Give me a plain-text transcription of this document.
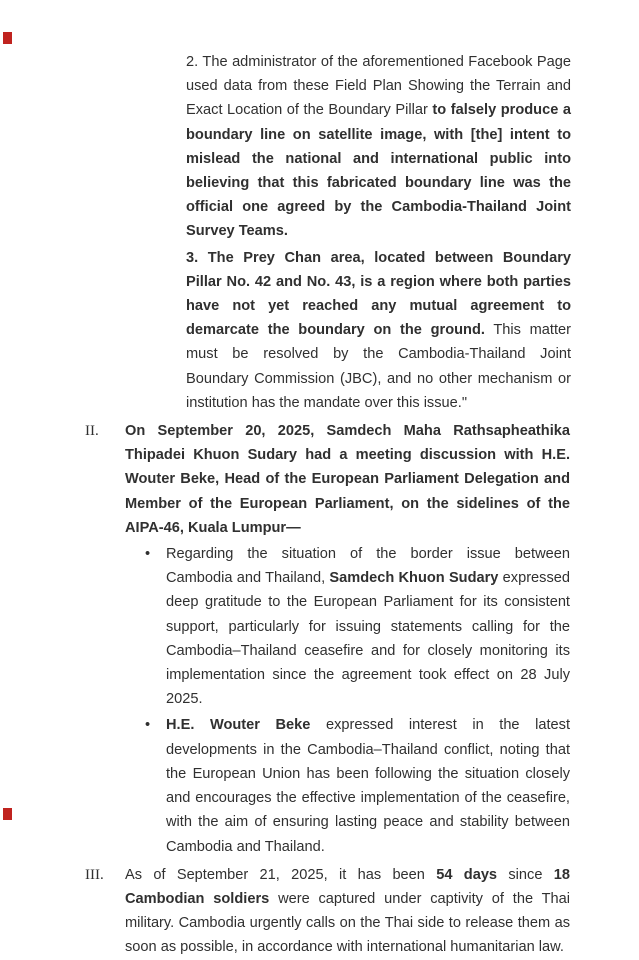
2. The administrator of the aforementioned Facebook Page used data from these Field Plan Showing the Terrain and Exact Location of the Boundary Pillar to falsely produce a boundary line on satellite image, with [the] intent to mislead the national and international public into believing that this fabricated boundary line was the official one agreed by the Cambodia-Thailand Joint Survey Teams.

3. The Prey Chan area, located between Boundary Pillar No. 42 and No. 43, is a region where both parties have not yet reached any mutual agreement to demarcate the boundary on the ground. This matter must be resolved by the Cambodia-Thailand Joint Boundary Commission (JBC), and no other mechanism or institution has the mandate over this issue."

II.	On September 20, 2025, Samdech Maha Rathsapheathika Thipadei Khuon Sudary had a meeting discussion with H.E. Wouter Beke, Head of the European Parliament Delegation and Member of the European Parliament, on the sidelines of the AIPA-46, Kuala Lumpur—
•	Regarding the situation of the border issue between Cambodia and Thailand, Samdech Khuon Sudary expressed deep gratitude to the European Parliament for its consistent support, particularly for issuing statements calling for the Cambodia–Thailand ceasefire and for closely monitoring its implementation since the agreement took effect on 28 July 2025.
•	H.E. Wouter Beke expressed interest in the latest developments in the Cambodia–Thailand conflict, noting that the European Union has been following the situation closely and encourages the effective implementation of the ceasefire, with the aim of ensuring lasting peace and stability between Cambodia and Thailand.
III.	As of September 21, 2025, it has been 54 days since 18 Cambodian soldiers were captured under captivity of the Thai military. Cambodia urgently calls on the Thai side to release them as soon as possible, in accordance with international humanitarian law.
